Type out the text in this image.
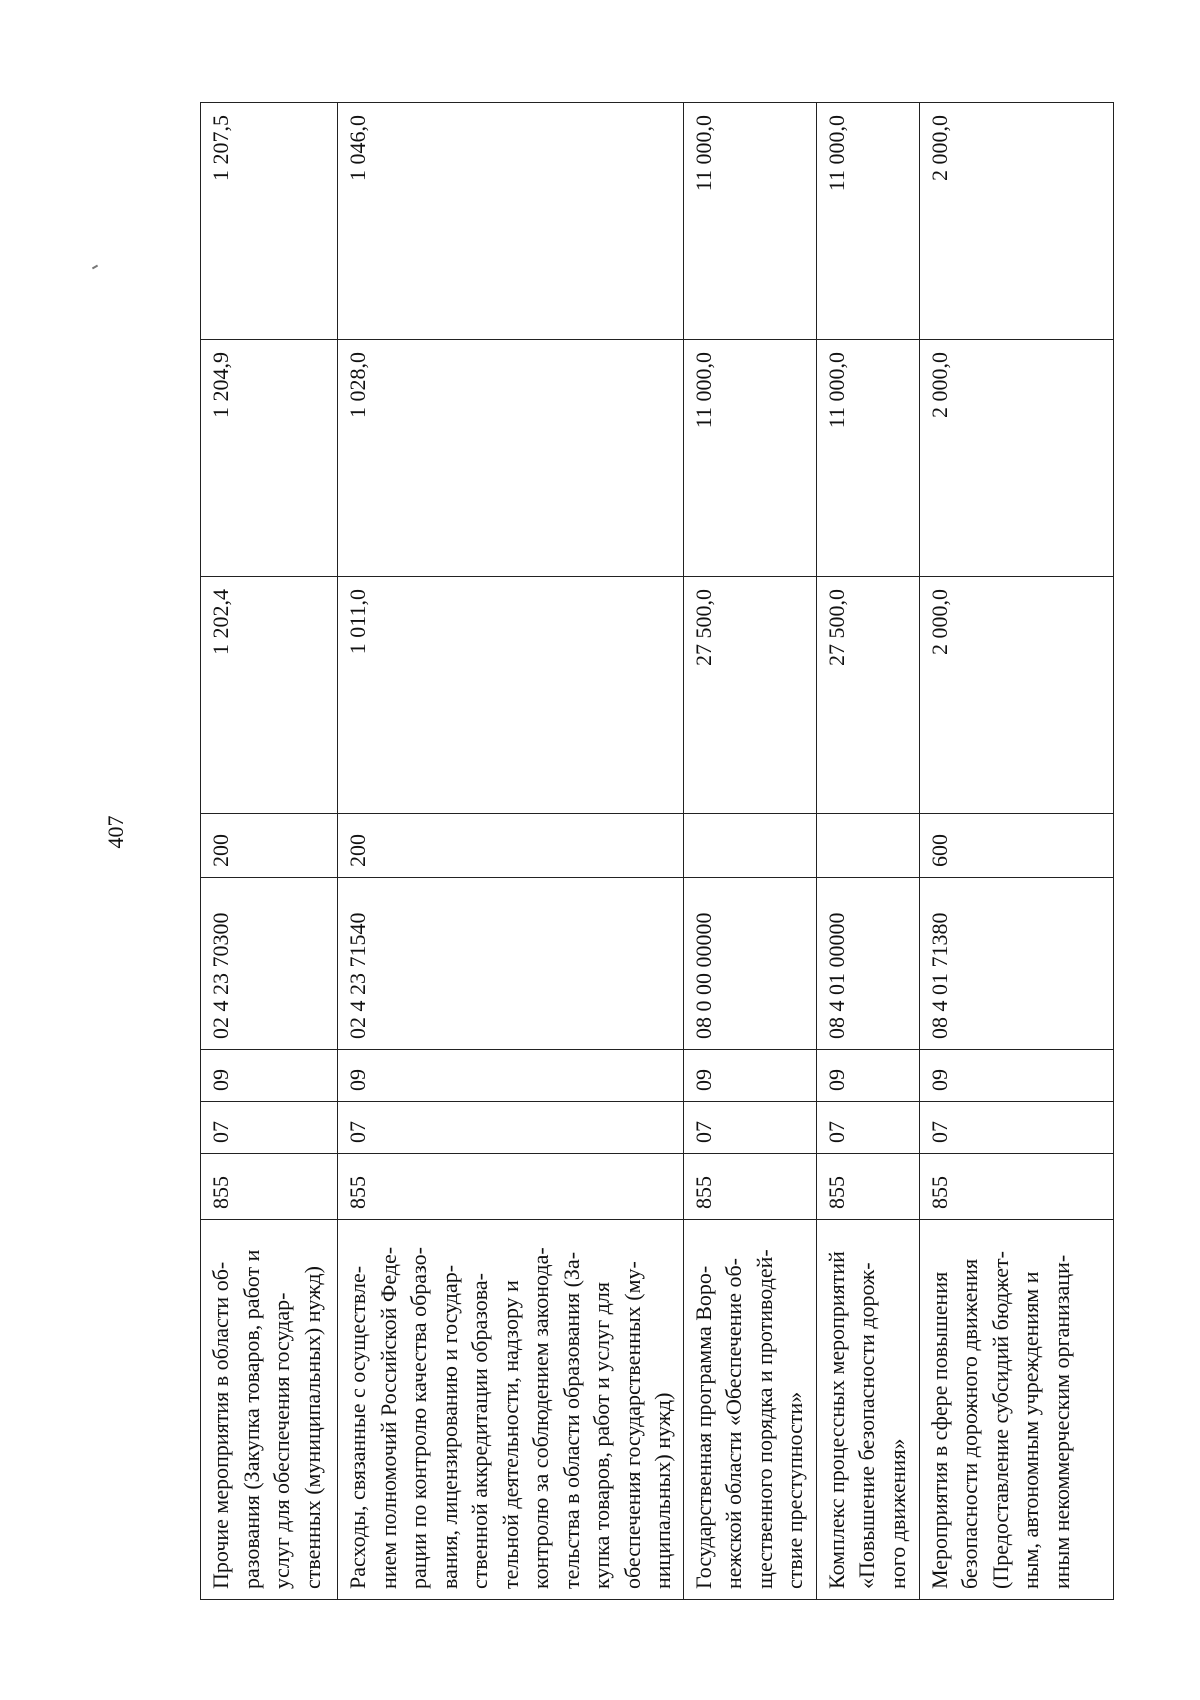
407
Прочие мероприятия в области об-разования (Закупка товаров, работ и услуг для обеспечения государ-ственных (муниципальных) нужд)	855	07	09	02 4 23 70300	200	1 202,4	1 204,9	1 207,5
Расходы, связанные с осуществле-нием полномочий Российской Феде-рации по контролю качества образо-вания, лицензированию и государ-ственной аккредитации образова-тельной деятельности, надзору и контролю за соблюдением законода-тельства в области образования (За-купка товаров, работ и услуг для обеспечения государственных (му-ниципальных) нужд)	855	07	09	02 4 23 71540	200	1 011,0	1 028,0	1 046,0
Государственная программа Воро-нежской области «Обеспечение об-щественного порядка и противодей-ствие преступности»	855	07	09	08 0 00 00000		27 500,0	11 000,0	11 000,0
Комплекс процессных мероприятий «Повышение безопасности дорож-ного движения»	855	07	09	08 4 01 00000		27 500,0	11 000,0	11 000,0
Мероприятия в сфере повышения безопасности дорожного движения (Предоставление субсидий бюджет-ным, автономным учреждениям и иным некоммерческим организаци-	855	07	09	08 4 01 71380	600	2 000,0	2 000,0	2 000,0
